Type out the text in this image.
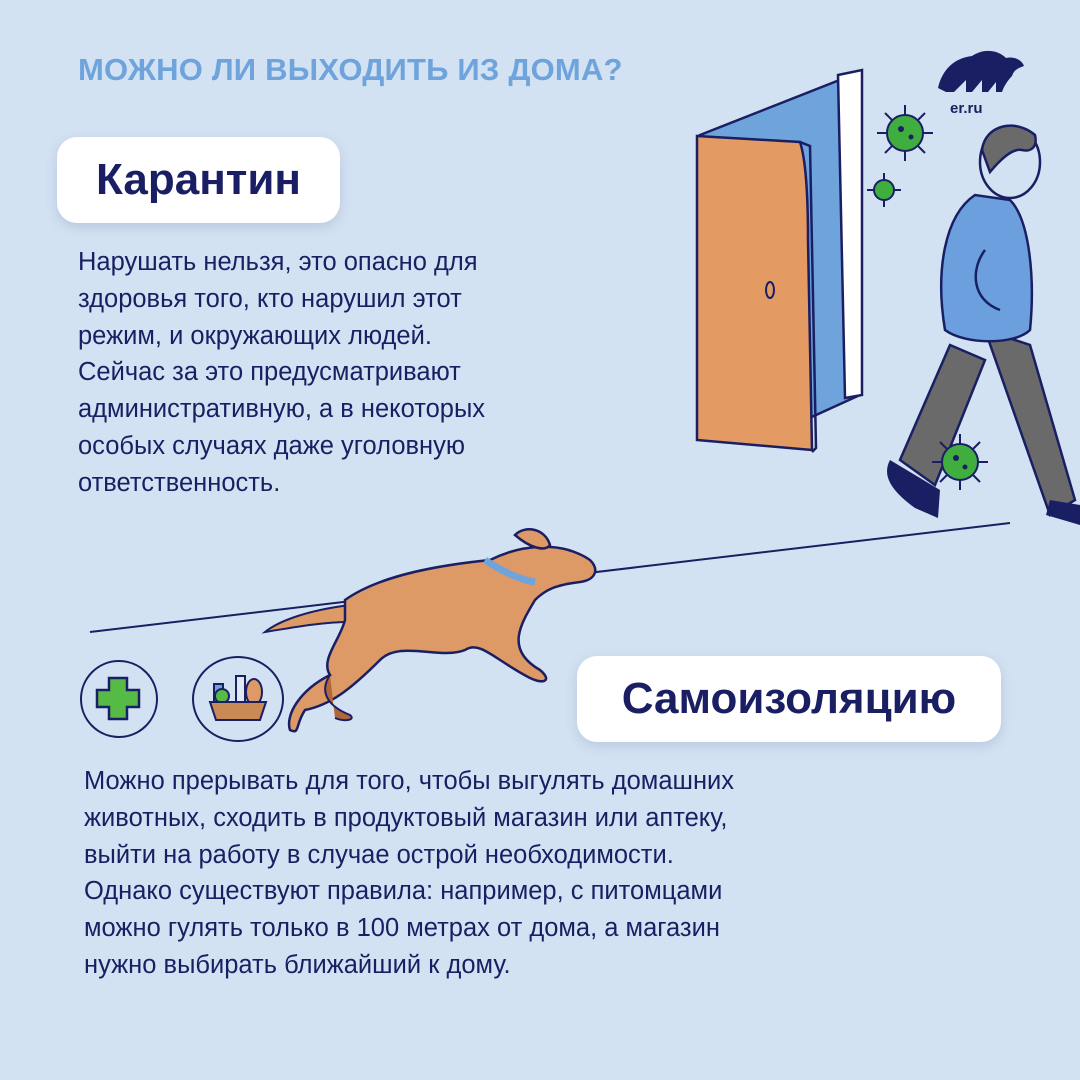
МОЖНО ЛИ ВЫХОДИТЬ ИЗ ДОМА?
er.ru
Карантин
Нарушать нельзя, это опасно для
здоровья того, кто нарушил этот
режим, и окружающих людей.
Сейчас за это предусматривают
административную, а в некоторых
особых случаях даже уголовную
ответственность.
Самоизоляцию
Можно прерывать для того, чтобы выгулять домашних
животных, сходить в продуктовый магазин или аптеку,
выйти на работу в случае острой необходимости.
Однако существуют правила: например, с питомцами
можно гулять только в 100 метрах от дома, а магазин
нужно выбирать ближайший к дому.
